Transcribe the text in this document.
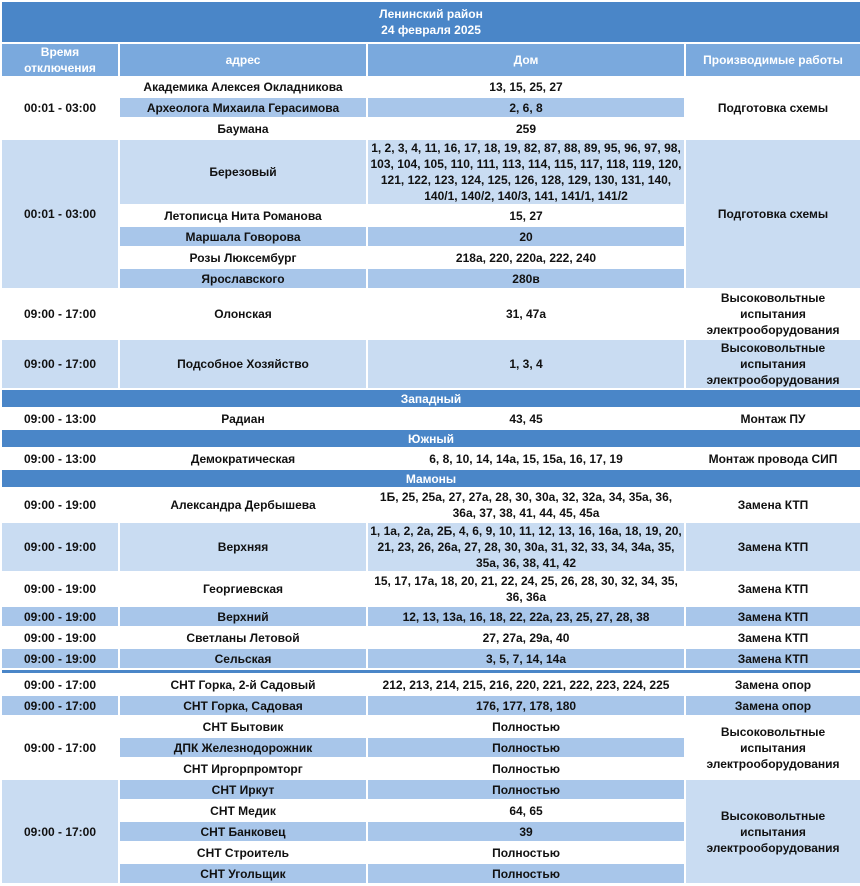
Ленинский район
24 февраля 2025			

Время отключения	адрес	Дом	Производимые работы
00:01 - 03:00	Академика Алексея Окладникова	13, 15, 25, 27	Подготовка схемы
	Археолога Михаила Герасимова	2, 6, 8	
	Баумана	259	
00:01 - 03:00	Березовый	1, 2, 3, 4, 11, 16, 17, 18, 19, 82, 87, 88, 89, 95, 96, 97, 98, 103, 104, 105, 110, 111, 113, 114, 115, 117, 118, 119, 120, 121, 122, 123, 124, 125, 126, 128, 129, 130, 131, 140, 140/1, 140/2, 140/3, 141, 141/1, 141/2	Подготовка схемы
	Летописца Нита Романова	15, 27	
	Маршала Говорова	20	
	Розы Люксембург	218а, 220, 220а, 222, 240	
	Ярославского	280в	
09:00 - 17:00	Олонская	31, 47а	Высоковольтные испытания электрооборудования
09:00 - 17:00	Подсобное Хозяйство	1, 3, 4	Высоковольтные испытания электрооборудования
Западный			
09:00 - 13:00	Радиан	43, 45	Монтаж ПУ
Южный			
09:00 - 13:00	Демократическая	6, 8, 10, 14, 14а, 15, 15а, 16, 17, 19	Монтаж провода СИП
Мамоны			
09:00 - 19:00	Александра Дербышева	1Б, 25, 25а, 27, 27а, 28, 30, 30а, 32, 32а, 34, 35а, 36, 36а, 37, 38, 41, 44, 45, 45а	Замена КТП
09:00 - 19:00	Верхняя	1, 1а, 2, 2а, 2Б, 4, 6, 9, 10, 11, 12, 13, 16, 16а, 18, 19, 20, 21, 23, 26, 26а, 27, 28, 30, 30а, 31, 32, 33, 34, 34а, 35, 35а, 36, 38, 41, 42	Замена КТП
09:00 - 19:00	Георгиевская	15, 17, 17а, 18, 20, 21, 22, 24, 25, 26, 28, 30, 32, 34, 35, 36, 36а	Замена КТП
09:00 - 19:00	Верхний	12, 13, 13а, 16, 18, 22, 22а, 23, 25, 27, 28, 38	Замена КТП
09:00 - 19:00	Светланы Летовой	27, 27а, 29а, 40	Замена КТП
09:00 - 19:00	Сельская	3, 5, 7, 14, 14а	Замена КТП

09:00 - 17:00	СНТ Горка, 2-й Садовый	212, 213, 214, 215, 216, 220, 221, 222, 223, 224, 225	Замена опор
09:00 - 17:00	СНТ Горка, Садовая	176, 177, 178, 180	Замена опор
09:00 - 17:00	СНТ Бытовик	Полностью	Высоковольтные испытания электрооборудования
	ДПК Железнодорожник	Полностью	
	СНТ Иргорпромторг	Полностью	
09:00 - 17:00	СНТ Иркут	Полностью	Высоковольтные испытания электрооборудования
	СНТ Медик	64, 65	
	СНТ Банковец	39	
	СНТ Строитель	Полностью	
	СНТ Угольщик	Полностью	
